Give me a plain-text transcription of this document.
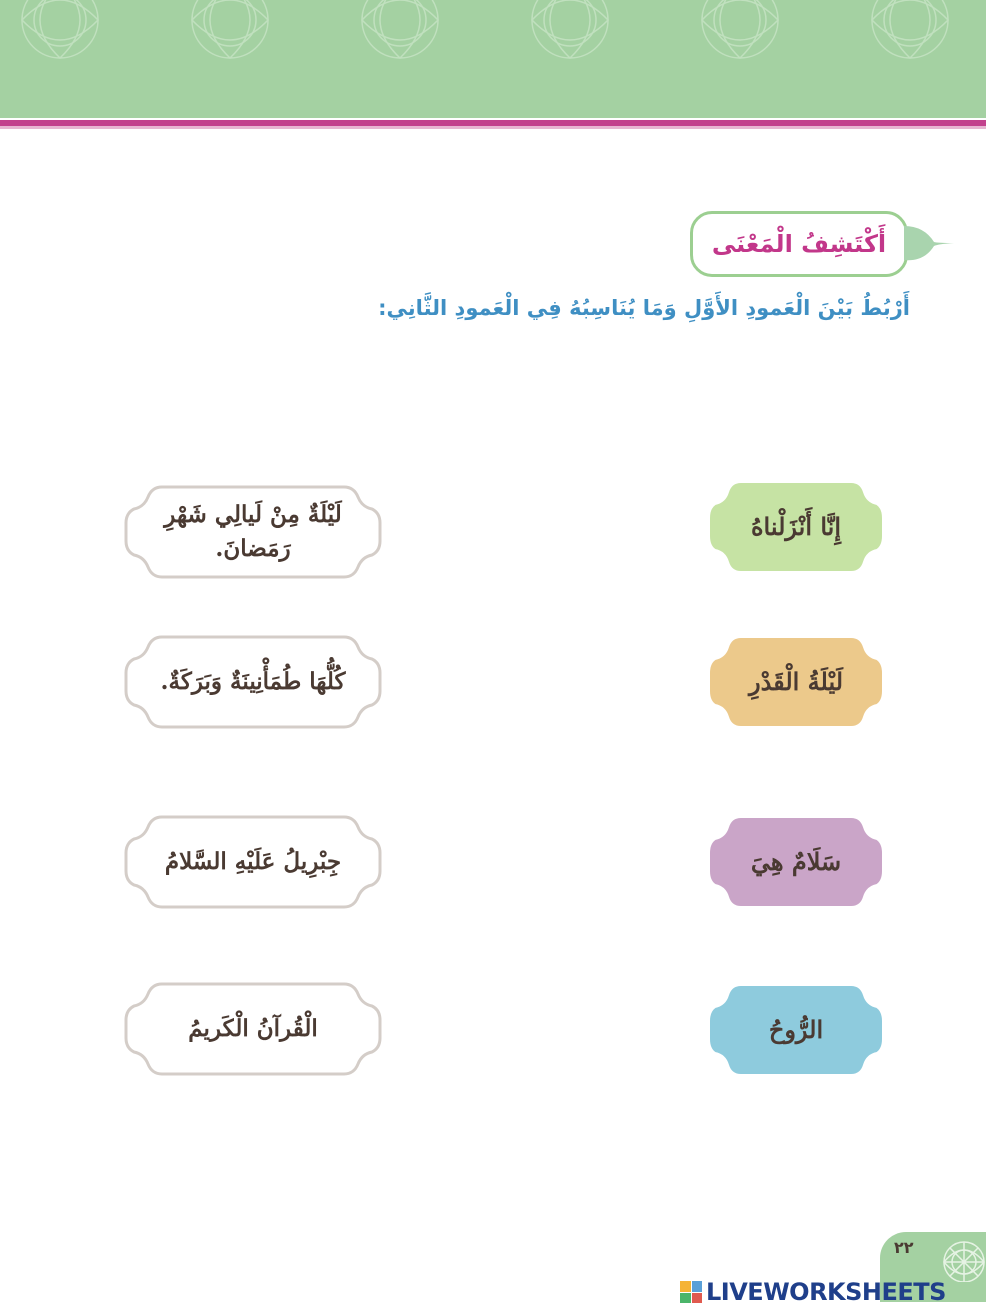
أَكْتَشِفُ الْمَعْنَى
أَرْبُطُ بَيْنَ الْعَمودِ الأَوَّلِ وَمَا يُنَاسِبُهُ فِي الْعَمودِ الثَّانِي:
لَيْلَةٌ مِنْ لَيالِي شَهْرِ رَمَضانَ.
كُلُّهَا طُمَأْنِينَةٌ وَبَرَكَةٌ.
جِبْرِيلُ عَلَيْهِ السَّلامُ
الْقُرآنُ الْكَريمُ
إِنَّا أَنْزَلْناهُ
لَيْلَةُ الْقَدْرِ
سَلَامٌ هِيَ
الرُّوحُ
٢٢
LIVEWORKSHEETS
